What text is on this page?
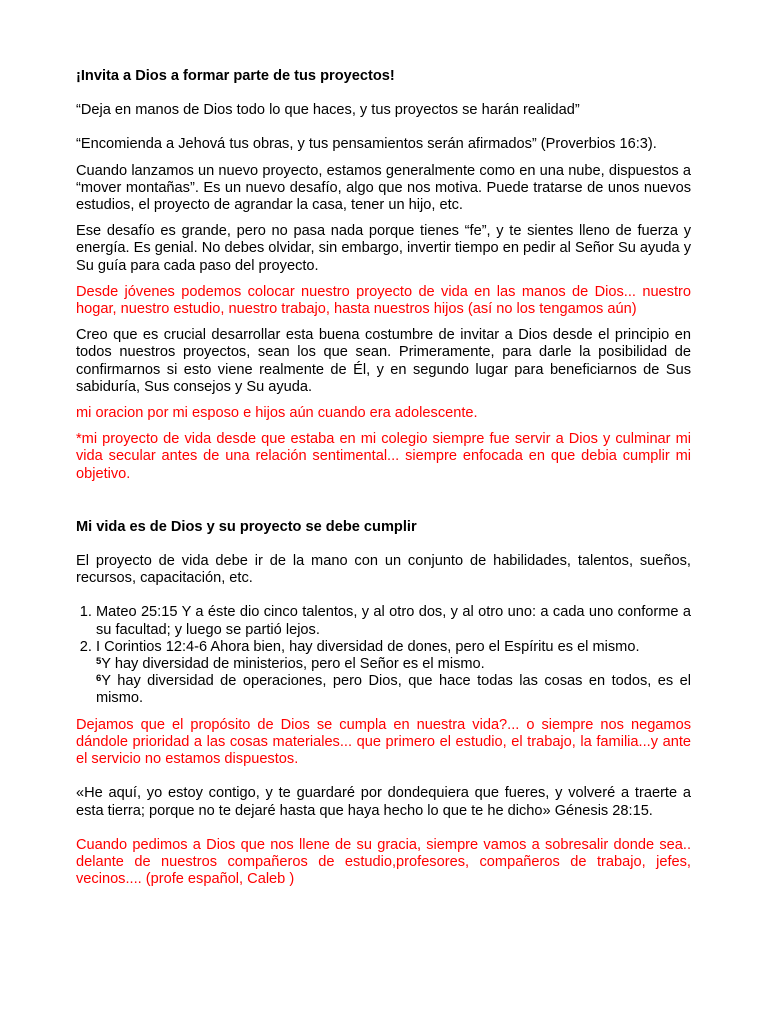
¡Invita a Dios a formar parte de tus proyectos!

“Deja en manos de Dios todo lo que haces, y tus proyectos se harán realidad”

“Encomienda a Jehová tus obras, y tus pensamientos serán afirmados” (Proverbios 16:3).

Cuando lanzamos un nuevo proyecto, estamos generalmente como en una nube, dispuestos a “mover montañas”. Es un nuevo desafío, algo que nos motiva. Puede tratarse de unos nuevos estudios, el proyecto de agrandar la casa, tener un hijo, etc.

Ese desafío es grande, pero no pasa nada porque tienes “fe”, y te sientes lleno de fuerza y energía. Es genial. No debes olvidar, sin embargo, invertir tiempo en pedir al Señor Su ayuda y Su guía para cada paso del proyecto.

Desde jóvenes podemos colocar nuestro proyecto de vida en las manos de Dios... nuestro hogar, nuestro estudio, nuestro trabajo, hasta nuestros hijos (así no los tengamos aún)

Creo que es crucial desarrollar esta buena costumbre de invitar a Dios desde el principio en todos nuestros proyectos, sean los que sean. Primeramente, para darle la posibilidad de confirmarnos si esto viene realmente de Él, y en segundo lugar para beneficiarnos de Sus sabiduría, Sus consejos y Su ayuda.

mi oracion por mi esposo e hijos aún cuando era adolescente.

*mi proyecto de vida desde que estaba en mi colegio siempre fue servir a Dios y culminar mi vida secular antes de una relación sentimental... siempre enfocada en que debia cumplir mi objetivo.

Mi vida es de Dios y su proyecto se debe cumplir

El proyecto de vida debe ir de la mano con un conjunto de habilidades, talentos, sueños, recursos, capacitación, etc.

1. Mateo 25:15 Y a éste dio cinco talentos, y al otro dos, y al otro uno: a cada uno conforme a su facultad; y luego se partió lejos.
2. I Corintios 12:4-6 Ahora bien, hay diversidad de dones, pero el Espíritu es el mismo.
$^5$Y hay diversidad de ministerios, pero el Señor es el mismo.
$^6$Y hay diversidad de operaciones, pero Dios, que hace todas las cosas en todos, es el mismo.

Dejamos que el propósito de Dios se cumpla en nuestra vida?... o siempre nos negamos dándole prioridad a las cosas materiales... que primero el estudio, el trabajo, la familia...y ante el servicio no estamos dispuestos.

«He aquí, yo estoy contigo, y te guardaré por dondequiera que fueres, y volveré a traerte a esta tierra; porque no te dejaré hasta que haya hecho lo que te he dicho» Génesis 28:15.

Cuando pedimos a Dios que nos llene de su gracia, siempre vamos a sobresalir donde sea.. delante de nuestros compañeros de estudio,profesores, compañeros de trabajo, jefes, vecinos.... (profe español, Caleb )
